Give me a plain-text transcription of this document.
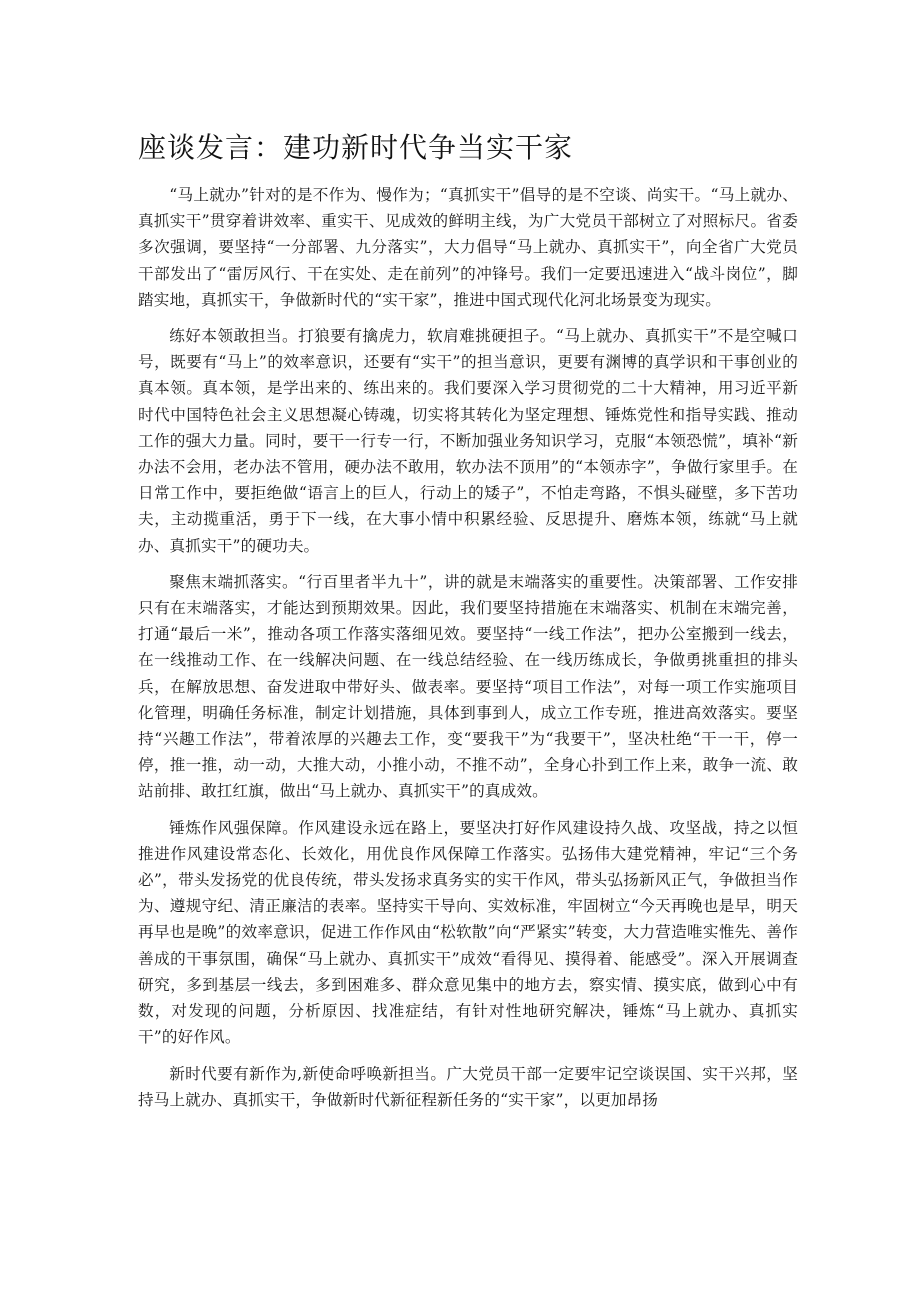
座谈发言：建功新时代争当实干家

“马上就办”针对的是不作为、慢作为；“真抓实干”倡导的是不空谈、尚实干。“马上就办、真抓实干”贯穿着讲效率、重实干、见成效的鲜明主线，为广大党员干部树立了对照标尺。省委多次强调，要坚持“一分部署、九分落实”，大力倡导“马上就办、真抓实干”，向全省广大党员干部发出了“雷厉风行、干在实处、走在前列”的冲锋号。我们一定要迅速进入“战斗岗位”，脚踏实地，真抓实干，争做新时代的“实干家”，推进中国式现代化河北场景变为现实。

练好本领敢担当。打狼要有擒虎力，软肩难挑硬担子。“马上就办、真抓实干”不是空喊口号，既要有“马上”的效率意识，还要有“实干”的担当意识，更要有渊博的真学识和干事创业的真本领。真本领，是学出来的、练出来的。我们要深入学习贯彻党的二十大精神，用习近平新时代中国特色社会主义思想凝心铸魂，切实将其转化为坚定理想、锤炼党性和指导实践、推动工作的强大力量。同时，要干一行专一行，不断加强业务知识学习，克服“本领恐慌”，填补“新办法不会用，老办法不管用，硬办法不敢用，软办法不顶用”的“本领赤字”，争做行家里手。在日常工作中，要拒绝做“语言上的巨人，行动上的矮子”，不怕走弯路，不惧头碰壁，多下苦功夫，主动揽重活，勇于下一线，在大事小情中积累经验、反思提升、磨炼本领，练就“马上就办、真抓实干”的硬功夫。

聚焦末端抓落实。“行百里者半九十”，讲的就是末端落实的重要性。决策部署、工作安排只有在末端落实，才能达到预期效果。因此，我们要坚持措施在末端落实、机制在末端完善，打通“最后一米”，推动各项工作落实落细见效。要坚持“一线工作法”，把办公室搬到一线去，在一线推动工作、在一线解决问题、在一线总结经验、在一线历练成长，争做勇挑重担的排头兵，在解放思想、奋发进取中带好头、做表率。要坚持“项目工作法”，对每一项工作实施项目化管理，明确任务标准，制定计划措施，具体到事到人，成立工作专班，推进高效落实。要坚持“兴趣工作法”，带着浓厚的兴趣去工作，变“要我干”为“我要干”，坚决杜绝“干一干，停一停，推一推，动一动，大推大动，小推小动，不推不动”，全身心扑到工作上来，敢争一流、敢站前排、敢扛红旗，做出“马上就办、真抓实干”的真成效。

锤炼作风强保障。作风建设永远在路上，要坚决打好作风建设持久战、攻坚战，持之以恒推进作风建设常态化、长效化，用优良作风保障工作落实。弘扬伟大建党精神，牢记“三个务必”，带头发扬党的优良传统，带头发扬求真务实的实干作风，带头弘扬新风正气，争做担当作为、遵规守纪、清正廉洁的表率。坚持实干导向、实效标准，牢固树立“今天再晚也是早，明天再早也是晚”的效率意识，促进工作作风由“松软散”向“严紧实”转变，大力营造唯实惟先、善作善成的干事氛围，确保“马上就办、真抓实干”成效“看得见、摸得着、能感受”。深入开展调查研究，多到基层一线去，多到困难多、群众意见集中的地方去，察实情、摸实底，做到心中有数，对发现的问题，分析原因、找准症结，有针对性地研究解决，锤炼“马上就办、真抓实干”的好作风。

新时代要有新作为,新使命呼唤新担当。广大党员干部一定要牢记空谈误国、实干兴邦，坚持马上就办、真抓实干，争做新时代新征程新任务的“实干家”，以更加昂扬
